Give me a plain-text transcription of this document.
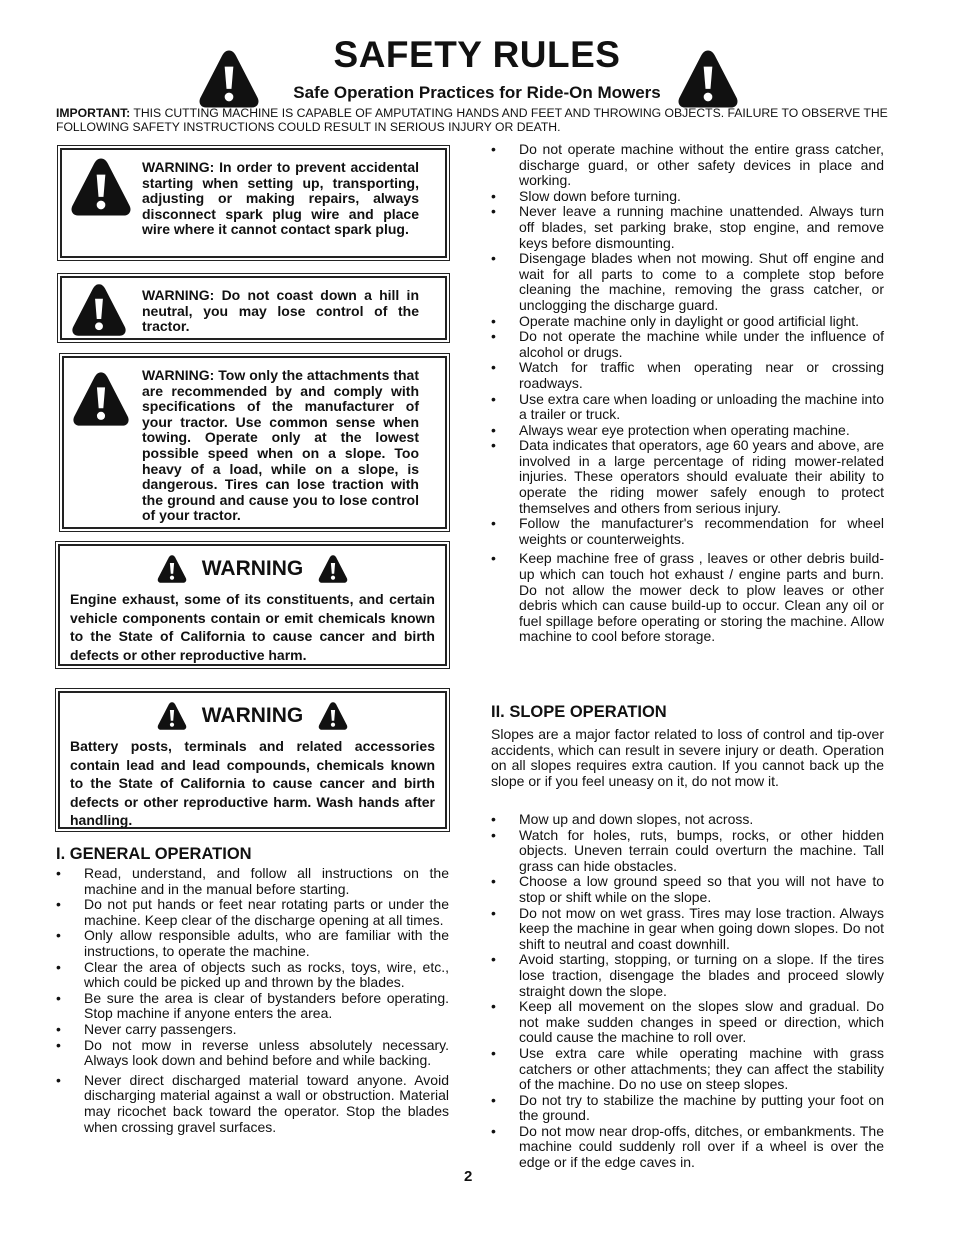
SAFETY RULES

Safe Operation Practices for Ride-On Mowers

IMPORTANT: THIS CUTTING MACHINE IS CAPABLE OF AMPUTATING HANDS AND FEET AND THROWING OBJECTS. FAILURE TO OBSERVE THE FOLLOWING SAFETY INSTRUCTIONS COULD RESULT IN SERIOUS INJURY OR DEATH.

WARNING: In order to prevent accidental starting when setting up, transporting, adjusting or making repairs, always disconnect spark plug wire and place wire where it cannot contact spark plug.

WARNING: Do not coast down a hill in neutral, you may lose control of the tractor.

WARNING: Tow only the attachments that are recommended by and comply with specifications of the manufacturer of your tractor. Use common sense when towing. Operate only at the lowest possible speed when on a slope. Too heavy of a load, while on a slope, is dangerous. Tires can lose traction with the ground and cause you to lose control of your tractor.

WARNING

Engine exhaust, some of its constituents, and certain vehicle components contain or emit chemicals known to the State of California to cause cancer and birth defects or other reproductive harm.

WARNING

Battery posts, terminals and related accessories contain lead and lead compounds, chemicals known to the State of California to cause cancer and birth defects or other reproductive harm. Wash hands after handling.

I. GENERAL OPERATION
• Read, understand, and follow all instructions on the machine and in the manual before starting.
• Do not put hands or feet near rotating parts or under the machine. Keep clear of the discharge opening at all times.
• Only allow responsible adults, who are familiar with the instructions, to operate the machine.
• Clear the area of objects such as rocks, toys, wire, etc., which could be picked up and thrown by the blades.
• Be sure the area is clear of bystanders before operating. Stop machine if anyone enters the area.
• Never carry passengers.
• Do not mow in reverse unless absolutely necessary. Always look down and behind before and while backing.
• Never direct discharged material toward anyone. Avoid discharging material against a wall or obstruction. Material may ricochet back toward the operator. Stop the blades when crossing gravel surfaces.
• Do not operate machine without the entire grass catcher, discharge guard, or other safety devices in place and working.
• Slow down before turning.
• Never leave a running machine unattended. Always turn off blades, set parking brake, stop engine, and remove keys before dismounting.
• Disengage blades when not mowing. Shut off engine and wait for all parts to come to a complete stop before cleaning the machine, removing the grass catcher, or unclogging the discharge guard.
• Operate machine only in daylight or good artificial light.
• Do not operate the machine while under the influence of alcohol or drugs.
• Watch for traffic when operating near or crossing roadways.
• Use extra care when loading or unloading the machine into a trailer or truck.
• Always wear eye protection when operating machine.
• Data indicates that operators, age 60 years and above, are involved in a large percentage of riding mower-related injuries. These operators should evaluate their ability to operate the riding mower safely enough to protect themselves and others from serious injury.
• Follow the manufacturer's recommendation for wheel weights or counterweights.
• Keep machine free of grass , leaves or other debris build-up which can touch hot exhaust / engine parts and burn. Do not allow the mower deck to plow leaves or other debris which can cause build-up to occur. Clean any oil or fuel spillage before operating or storing the machine. Allow machine to cool before storage.
II. SLOPE OPERATION

Slopes are a major factor related to loss of control and tip-over accidents, which can result in severe injury or death. Operation on all slopes requires extra caution. If you cannot back up the slope or if you feel uneasy on it, do not mow it.

• Mow up and down slopes, not across.
• Watch for holes, ruts, bumps, rocks, or other hidden objects. Uneven terrain could overturn the machine. Tall grass can hide obstacles.
• Choose a low ground speed so that you will not have to stop or shift while on the slope.
• Do not mow on wet grass. Tires may lose traction. Always keep the machine in gear when going down slopes. Do not shift to neutral and coast downhill.
• Avoid starting, stopping, or turning on a slope. If the tires lose traction, disengage the blades and proceed slowly straight down the slope.
• Keep all movement on the slopes slow and gradual. Do not make sudden changes in speed or direction, which could cause the machine to roll over.
• Use extra care while operating machine with grass catchers or other attachments; they can affect the stability of the machine. Do no use on steep slopes.
• Do not try to stabilize the machine by putting your foot on the ground.
• Do not mow near drop-offs, ditches, or embankments. The machine could suddenly roll over if a wheel is over the edge or if the edge caves in.

2
